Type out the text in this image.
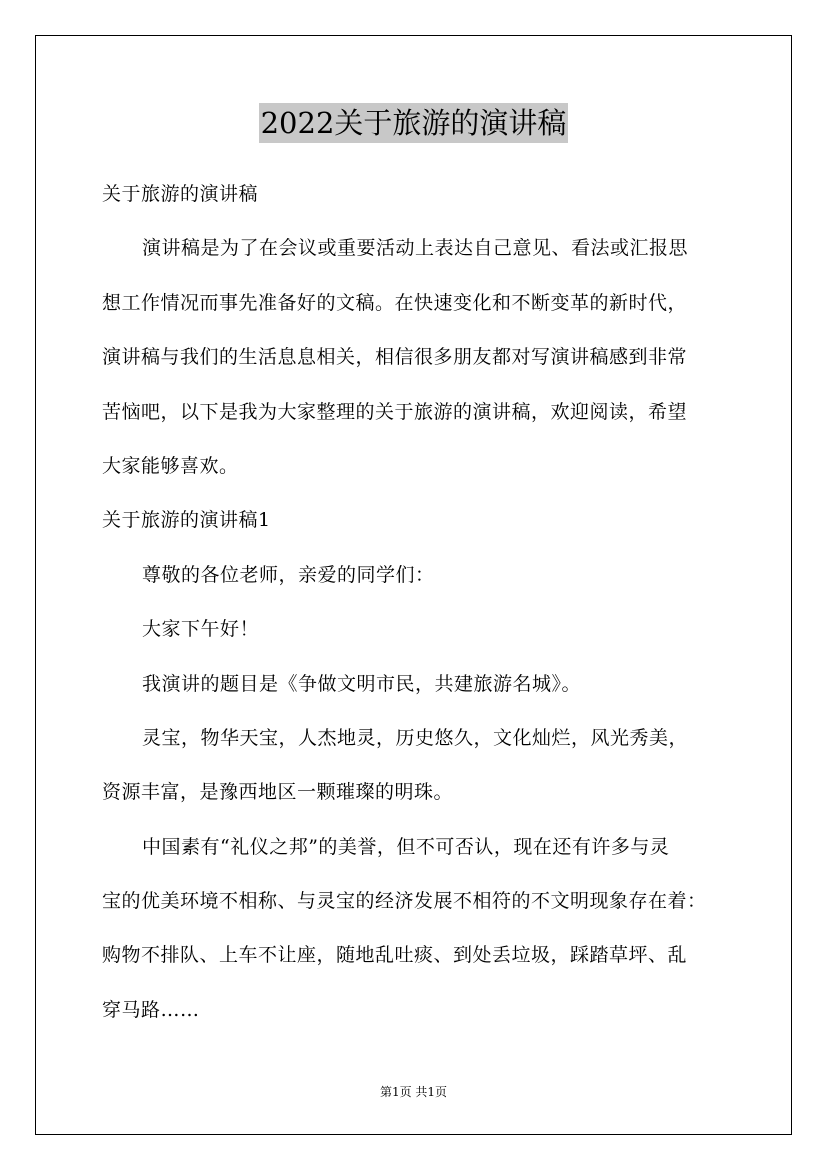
2022关于旅游的演讲稿
关于旅游的演讲稿
演讲稿是为了在会议或重要活动上表达自己意见、看法或汇报思
想工作情况而事先准备好的文稿。在快速变化和不断变革的新时代，
演讲稿与我们的生活息息相关，相信很多朋友都对写演讲稿感到非常
苦恼吧，以下是我为大家整理的关于旅游的演讲稿，欢迎阅读，希望
大家能够喜欢。
关于旅游的演讲稿1
尊敬的各位老师，亲爱的同学们：
大家下午好！
我演讲的题目是《争做文明市民，共建旅游名城》。
灵宝，物华天宝，人杰地灵，历史悠久，文化灿烂，风光秀美，
资源丰富，是豫西地区一颗璀璨的明珠。
中国素有“礼仪之邦”的美誉，但不可否认，现在还有许多与灵
宝的优美环境不相称、与灵宝的经济发展不相符的不文明现象存在着：
购物不排队、上车不让座，随地乱吐痰、到处丢垃圾，踩踏草坪、乱
穿马路……
第1页 共1页
